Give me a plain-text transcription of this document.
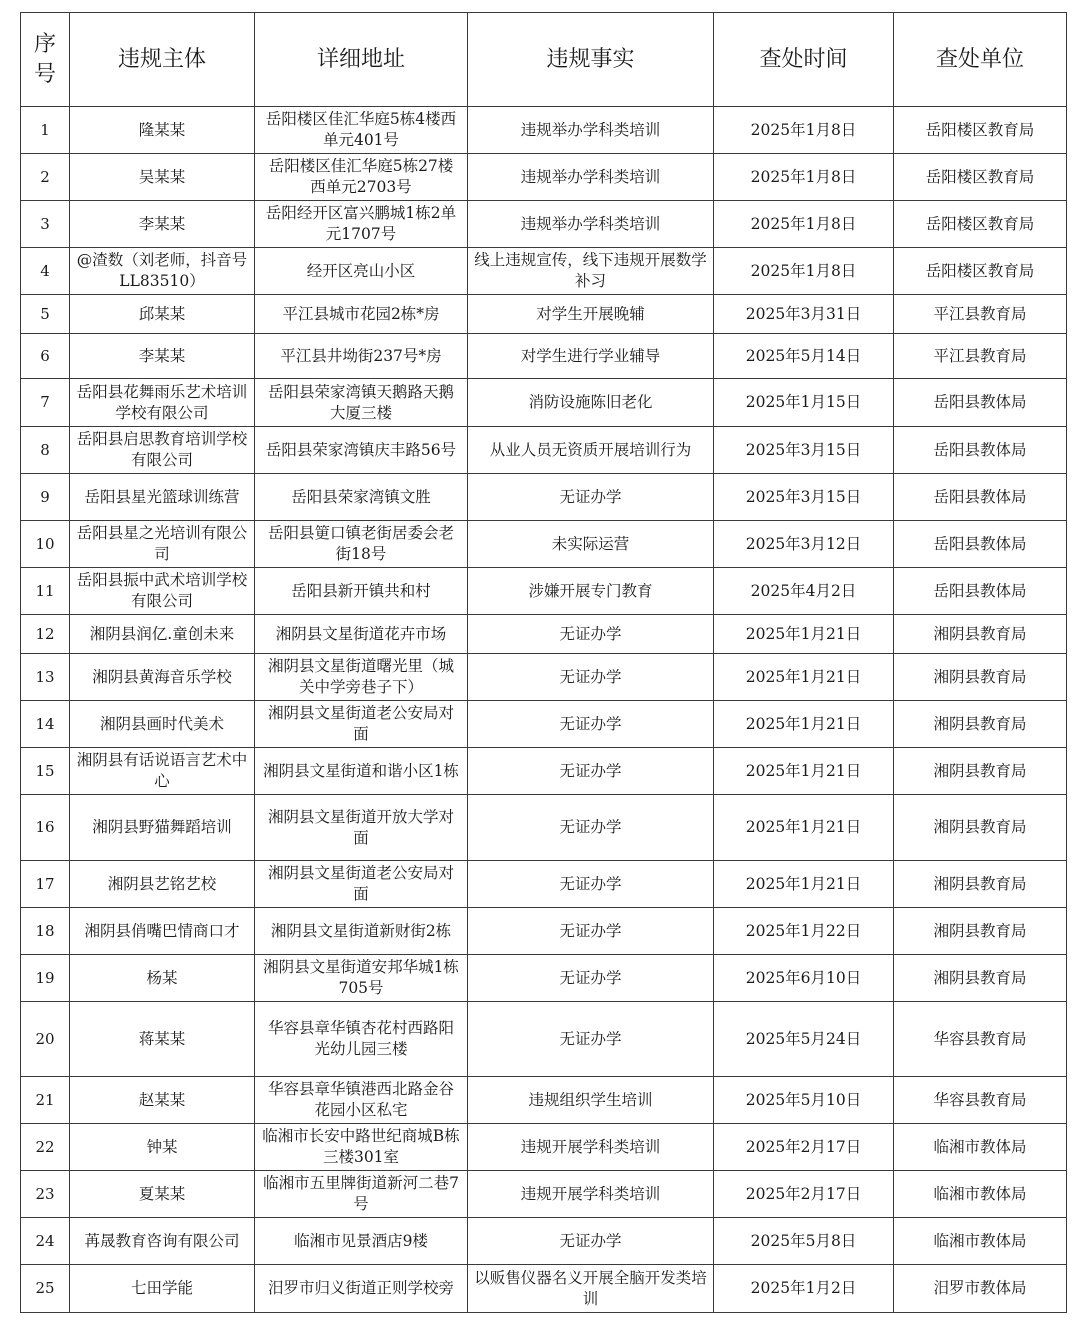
序号	违规主体	详细地址	违规事实	查处时间	查处单位
1	隆某某	岳阳楼区佳汇华庭5栋4楼西单元401号	违规举办学科类培训	2025年1月8日	岳阳楼区教育局
2	吴某某	岳阳楼区佳汇华庭5栋27楼西单元2703号	违规举办学科类培训	2025年1月8日	岳阳楼区教育局
3	李某某	岳阳经开区富兴鹏城1栋2单元1707号	违规举办学科类培训	2025年1月8日	岳阳楼区教育局
4	@渣数（刘老师，抖音号LL83510）	经开区亮山小区	线上违规宣传，线下违规开展数学补习	2025年1月8日	岳阳楼区教育局
5	邱某某	平江县城市花园2栋*房	对学生开展晚辅	2025年3月31日	平江县教育局
6	李某某	平江县井坳街237号*房	对学生进行学业辅导	2025年5月14日	平江县教育局
7	岳阳县花舞雨乐艺术培训学校有限公司	岳阳县荣家湾镇天鹅路天鹅大厦三楼	消防设施陈旧老化	2025年1月15日	岳阳县教体局
8	岳阳县启思教育培训学校有限公司	岳阳县荣家湾镇庆丰路56号	从业人员无资质开展培训行为	2025年3月15日	岳阳县教体局
9	岳阳县星光篮球训练营	岳阳县荣家湾镇文胜	无证办学	2025年3月15日	岳阳县教体局
10	岳阳县星之光培训有限公司	岳阳县筻口镇老街居委会老街18号	未实际运营	2025年3月12日	岳阳县教体局
11	岳阳县振中武术培训学校有限公司	岳阳县新开镇共和村	涉嫌开展专门教育	2025年4月2日	岳阳县教体局
12	湘阴县润亿.童创未来	湘阴县文星街道花卉市场	无证办学	2025年1月21日	湘阴县教育局
13	湘阴县黄海音乐学校	湘阴县文星街道曙光里（城关中学旁巷子下）	无证办学	2025年1月21日	湘阴县教育局
14	湘阴县画时代美术	湘阴县文星街道老公安局对面	无证办学	2025年1月21日	湘阴县教育局
15	湘阴县有话说语言艺术中心	湘阴县文星街道和谐小区1栋	无证办学	2025年1月21日	湘阴县教育局
16	湘阴县野猫舞蹈培训	湘阴县文星街道开放大学对面	无证办学	2025年1月21日	湘阴县教育局
17	湘阴县艺铭艺校	湘阴县文星街道老公安局对面	无证办学	2025年1月21日	湘阴县教育局
18	湘阴县俏嘴巴情商口才	湘阴县文星街道新财街2栋	无证办学	2025年1月22日	湘阴县教育局
19	杨某	湘阴县文星街道安邦华城1栋705号	无证办学	2025年6月10日	湘阴县教育局
20	蒋某某	华容县章华镇杏花村西路阳光幼儿园三楼	无证办学	2025年5月24日	华容县教育局
21	赵某某	华容县章华镇港西北路金谷花园小区私宅	违规组织学生培训	2025年5月10日	华容县教育局
22	钟某	临湘市长安中路世纪商城B栋三楼301室	违规开展学科类培训	2025年2月17日	临湘市教体局
23	夏某某	临湘市五里牌街道新河二巷7号	违规开展学科类培训	2025年2月17日	临湘市教体局
24	苒晟教育咨询有限公司	临湘市见景酒店9楼	无证办学	2025年5月8日	临湘市教体局
25	七田学能	汨罗市归义街道正则学校旁	以贩售仪器名义开展全脑开发类培训	2025年1月2日	汨罗市教体局
